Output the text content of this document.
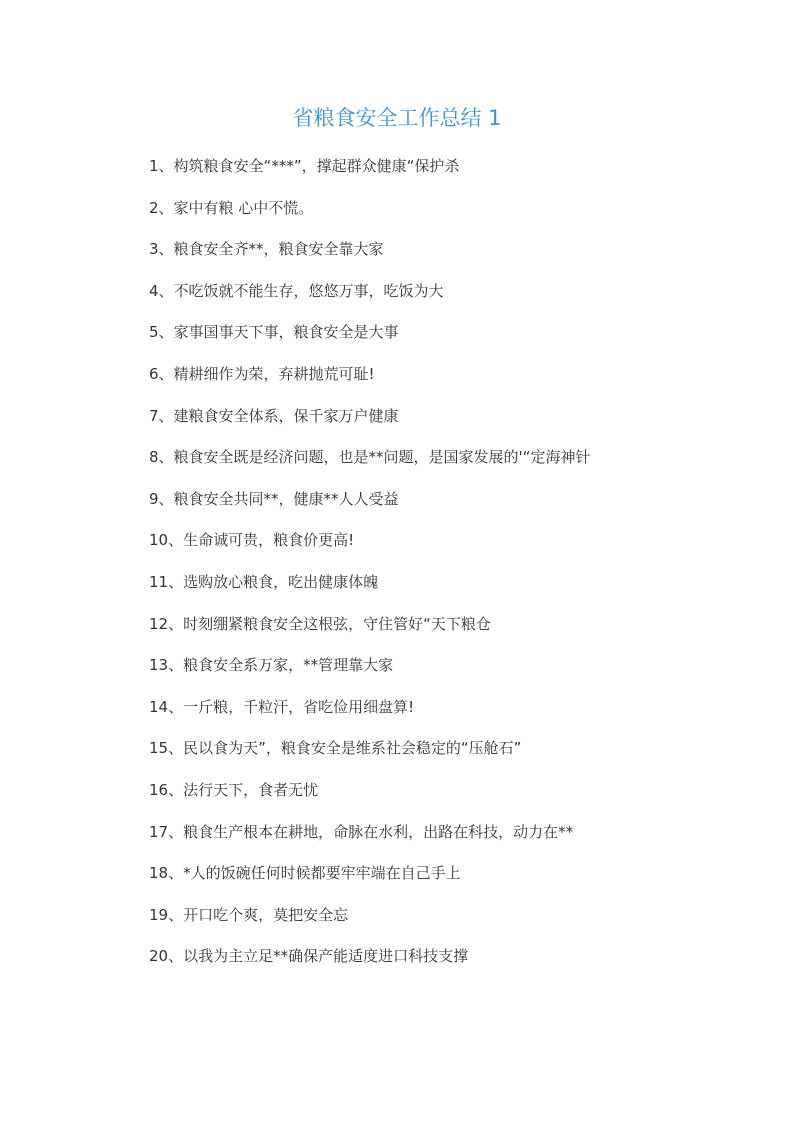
省粮食安全工作总结 1
1、构筑粮食安全“***”，撑起群众健康“保护杀
2、家中有粮 心中不慌。
3、粮食安全齐**，粮食安全靠大家
4、不吃饭就不能生存，悠悠万事，吃饭为大
5、家事国事天下事，粮食安全是大事
6、精耕细作为荣，弃耕抛荒可耻!
7、建粮食安全体系，保千家万户健康
8、粮食安全既是经济问题，也是**问题，是国家发展的'“定海神针
9、粮食安全共同**，健康**人人受益
10、生命诚可贵，粮食价更高!
11、选购放心粮食，吃出健康体魄
12、时刻绷紧粮食安全这根弦，守住管好“天下粮仓
13、粮食安全系万家，**管理靠大家
14、一斤粮，千粒汗，省吃俭用细盘算!
15、民以食为天”，粮食安全是维系社会稳定的“压舱石”
16、法行天下，食者无忧
17、粮食生产根本在耕地，命脉在水利，出路在科技，动力在**
18、*人的饭碗任何时候都要牢牢端在自己手上
19、开口吃个爽，莫把安全忘
20、以我为主立足**确保产能适度进口科技支撑
